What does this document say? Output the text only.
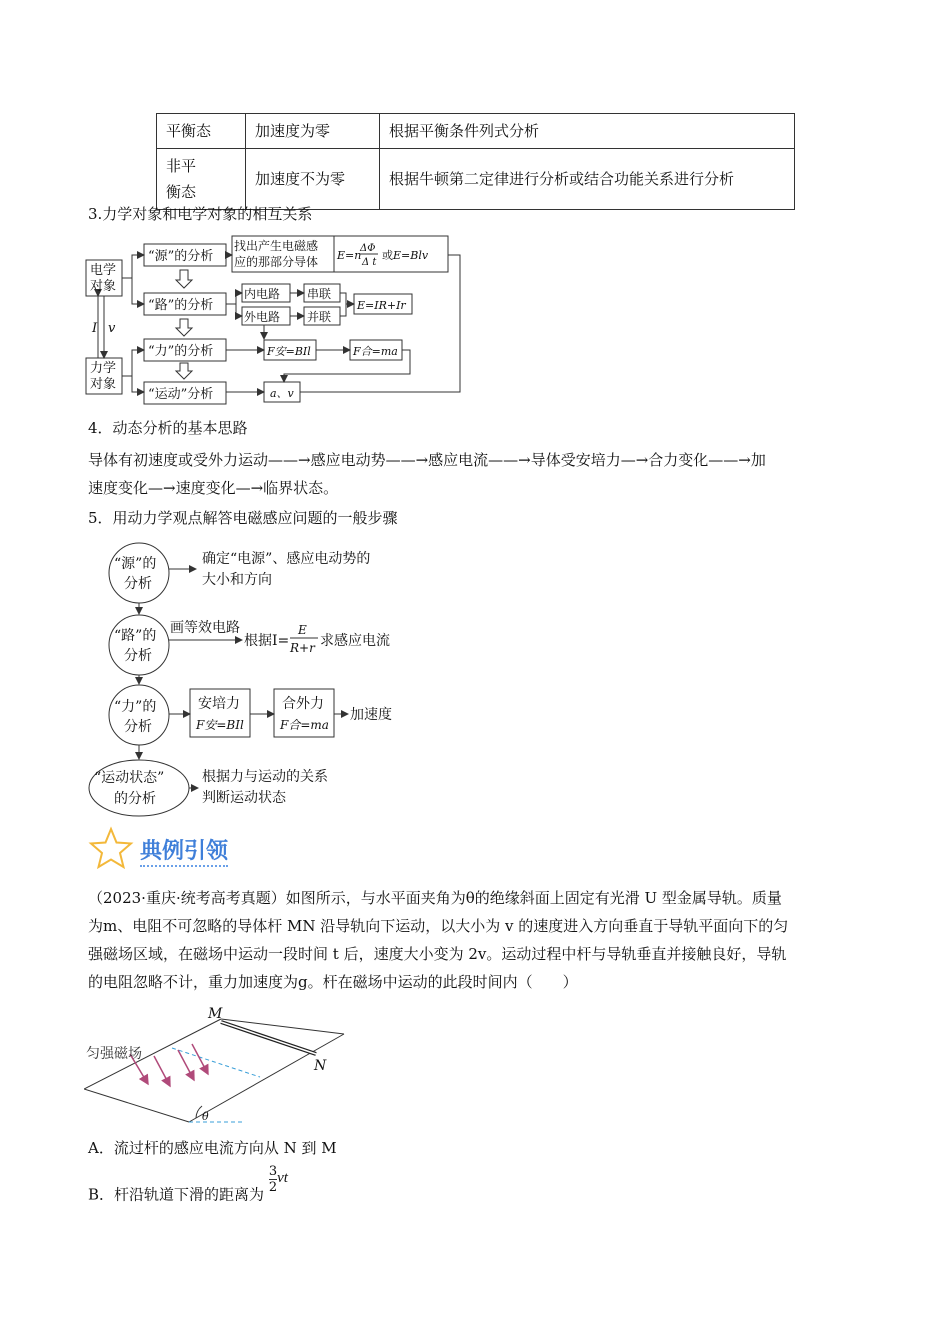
平衡态	加速度为零	根据平衡条件列式分析
非平
衡态	加速度不为零	根据牛顿第二定律进行分析或结合功能关系进行分析
3.力学对象和电学对象的相互关系
电学对象
力学对象
I v
“源”的分析
“路”的分析
“力”的分析
“运动”分析
找出产生电磁感应的那部分导体 E=n
ΔΦ
Δ t
或E=Blv
内电路
外电路
串联
并联
E=IR+Ir
F安=BIl	F合=ma
a、v
4．动态分析的基本思路
导体有初速度或受外力运动——→感应电动势——→感应电流——→导体受安培力—→合力变化——→加
速度变化—→速度变化—→临界状态。
5．用动力学观点解答电磁感应问题的一般步骤
“源”的
分析
确定“电源”、感应电动势的
大小和方向
“路”的
分析
画等效电路
根据I=
E
R+r 求感应电流
“力”的
分析
安培力
F安=BIl
合外力
F合=ma
加速度
“运动状态”
的分析
根据力与运动的关系
判断运动状态
典例引领
（2023·重庆·统考高考真题）如图所示，与水平面夹角为θ的绝缘斜面上固定有光滑 U 型金属导轨。质量
为m、电阻不可忽略的导体杆 MN 沿导轨向下运动，以大小为 v 的速度进入方向垂直于导轨平面向下的匀
强磁场区域，在磁场中运动一段时间 t 后，速度大小变为 2v。运动过程中杆与导轨垂直并接触良好，导轨
的电阻忽略不计，重力加速度为g。杆在磁场中运动的此段时间内（　　）
匀强磁场
M
N
θ
A．流过杆的感应电流方向从 N 到 M
B．杆沿轨道下滑的距离为 $\frac{3}{2}$ vt
